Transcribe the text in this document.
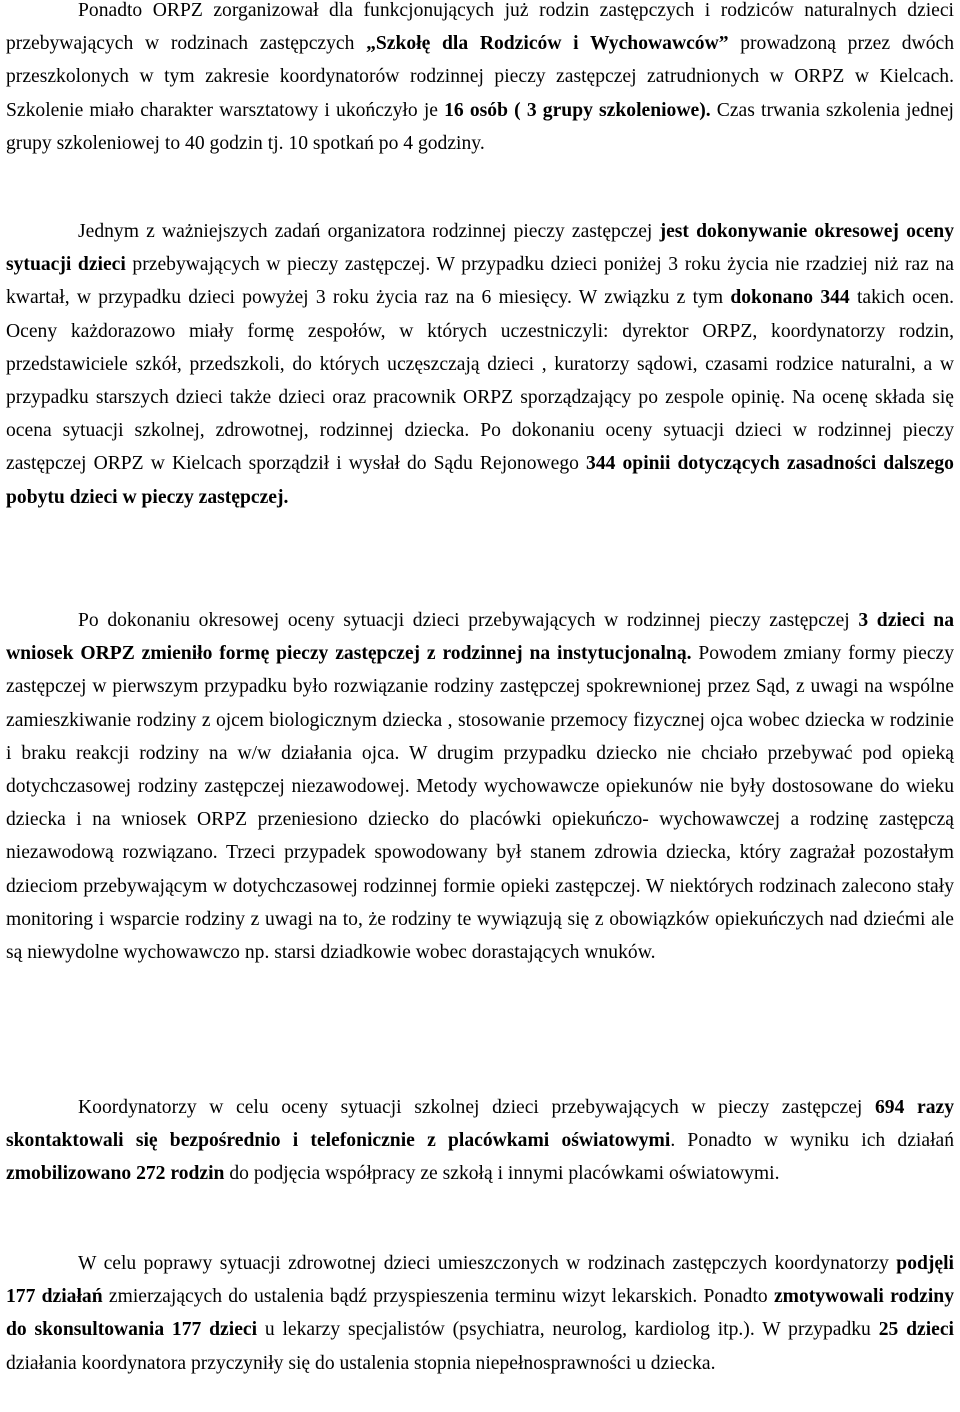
Ponadto ORPZ zorganizował dla funkcjonujących już rodzin zastępczych i rodziców naturalnych dzieci przebywających w rodzinach zastępczych „Szkołę dla Rodziców i Wychowawców” prowadzoną przez dwóch przeszkolonych w tym zakresie koordynatorów rodzinnej pieczy zastępczej zatrudnionych w ORPZ w Kielcach. Szkolenie miało charakter warsztatowy i ukończyło je 16 osób ( 3 grupy szkoleniowe). Czas trwania szkolenia jednej grupy szkoleniowej to 40 godzin tj. 10 spotkań po 4 godziny.

Jednym z ważniejszych zadań organizatora rodzinnej pieczy zastępczej jest dokonywanie okresowej oceny sytuacji dzieci przebywających w pieczy zastępczej. W przypadku dzieci poniżej 3 roku życia nie rzadziej niż raz na kwartał, w przypadku dzieci powyżej 3 roku życia raz na 6 miesięcy. W związku z tym dokonano 344 takich ocen. Oceny każdorazowo miały formę zespołów, w których uczestniczyli: dyrektor ORPZ, koordynatorzy rodzin, przedstawiciele szkół, przedszkoli, do których uczęszczają dzieci , kuratorzy sądowi, czasami rodzice naturalni, a w przypadku starszych dzieci także dzieci oraz pracownik ORPZ sporządzający po zespole opinię. Na ocenę składa się ocena sytuacji szkolnej, zdrowotnej, rodzinnej dziecka. Po dokonaniu oceny sytuacji dzieci w rodzinnej pieczy zastępczej ORPZ w Kielcach sporządził i wysłał do Sądu Rejonowego 344 opinii dotyczących zasadności dalszego pobytu dzieci w pieczy zastępczej.

Po dokonaniu okresowej oceny sytuacji dzieci przebywających w rodzinnej pieczy zastępczej 3 dzieci na wniosek ORPZ zmieniło formę pieczy zastępczej z rodzinnej na instytucjonalną. Powodem zmiany formy pieczy zastępczej w pierwszym przypadku było rozwiązanie rodziny zastępczej spokrewnionej przez Sąd, z uwagi na wspólne zamieszkiwanie rodziny z ojcem biologicznym dziecka , stosowanie przemocy fizycznej ojca wobec dziecka w rodzinie i braku reakcji rodziny na w/w działania ojca. W drugim przypadku dziecko nie chciało przebywać pod opieką dotychczasowej rodziny zastępczej niezawodowej. Metody wychowawcze opiekunów nie były dostosowane do wieku dziecka i na wniosek ORPZ przeniesiono dziecko do placówki opiekuńczo- wychowawczej a rodzinę zastępczą niezawodową rozwiązano. Trzeci przypadek spowodowany był stanem zdrowia dziecka, który zagrażał pozostałym dzieciom przebywającym w dotychczasowej rodzinnej formie opieki zastępczej. W niektórych rodzinach zalecono stały monitoring i wsparcie rodziny z uwagi na to, że rodziny te wywiązują się z obowiązków opiekuńczych nad dziećmi ale są niewydolne wychowawczo np. starsi dziadkowie wobec dorastających wnuków.

Koordynatorzy w celu oceny sytuacji szkolnej dzieci przebywających w pieczy zastępczej 694 razy skontaktowali się bezpośrednio i telefonicznie z placówkami oświatowymi. Ponadto w wyniku ich działań zmobilizowano 272 rodzin do podjęcia współpracy ze szkołą i innymi placówkami oświatowymi.

W celu poprawy sytuacji zdrowotnej dzieci umieszczonych w rodzinach zastępczych koordynatorzy podjęli 177 działań zmierzających do ustalenia bądź przyspieszenia terminu wizyt lekarskich. Ponadto zmotywowali rodziny do skonsultowania 177 dzieci u lekarzy specjalistów (psychiatra, neurolog, kardiolog itp.). W przypadku 25 dzieci działania koordynatora przyczyniły się do ustalenia stopnia niepełnosprawności u dziecka.
